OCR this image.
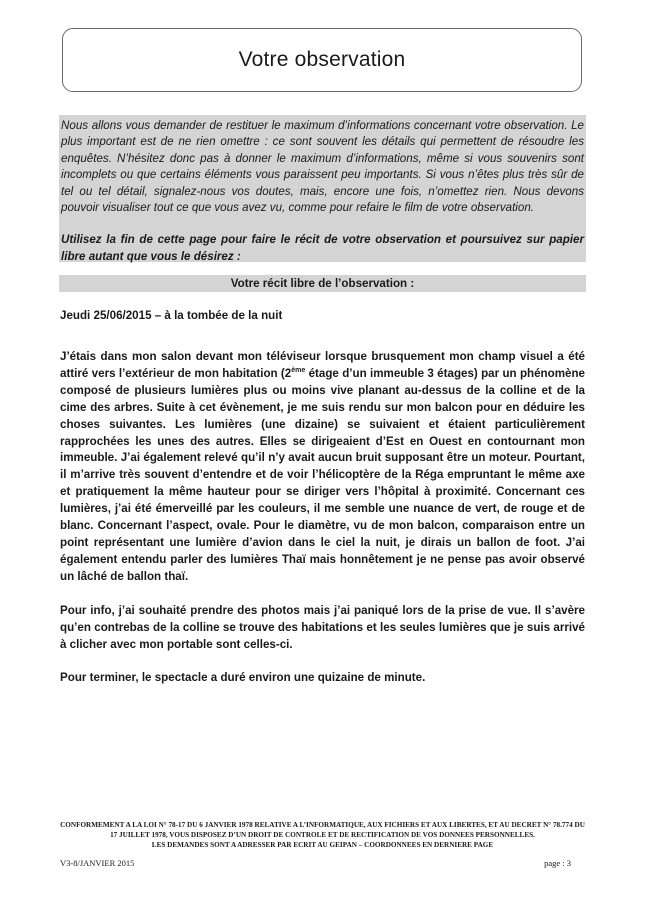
Votre observation

Nous allons vous demander de restituer le maximum d’informations concernant votre observation. Le plus important est de ne rien omettre : ce sont souvent les détails qui permettent de résoudre les enquêtes. N’hésitez donc pas à donner le maximum d’informations, même si vous souvenirs sont incomplets ou que certains éléments vous paraissent peu importants. Si vous n’êtes plus très sûr de tel ou tel détail, signalez-nous vos doutes, mais, encore une fois, n’omettez rien. Nous devons pouvoir visualiser tout ce que vous avez vu, comme pour refaire le film de votre observation.

Utilisez la fin de cette page pour faire le récit de votre observation et poursuivez sur papier libre autant que vous le désirez :

Votre récit libre de l’observation :
Jeudi 25/06/2015 – à la tombée de la nuit

J’étais dans mon salon devant mon téléviseur lorsque brusquement mon champ visuel a été attiré vers l’extérieur de mon habitation (2ème étage d’un immeuble 3 étages) par un phénomène composé de plusieurs lumières plus ou moins vive planant au-dessus de la colline et de la cime des arbres. Suite à cet évènement, je me suis rendu sur mon balcon pour en déduire les choses suivantes. Les lumières (une dizaine) se suivaient et étaient particulièrement rapprochées les unes des autres. Elles se dirigeaient d’Est en Ouest en contournant mon immeuble. J’ai également relevé qu’il n’y avait aucun bruit supposant être un moteur. Pourtant, il m’arrive très souvent d’entendre et de voir l’hélicoptère de la Réga empruntant le même axe et pratiquement la même hauteur pour se diriger vers l’hôpital à proximité. Concernant ces lumières, j’ai été émerveillé par les couleurs, il me semble une nuance de vert, de rouge et de blanc. Concernant l’aspect, ovale. Pour le diamètre, vu de mon balcon, comparaison entre un point représentant une lumière d’avion dans le ciel la nuit, je dirais un ballon de foot. J’ai également entendu parler des lumières Thaï mais honnêtement je ne pense pas avoir observé un lâché de ballon thaï.

Pour info, j’ai souhaité prendre des photos mais j’ai paniqué lors de la prise de vue. Il s’avère qu’en contrebas de la colline se trouve des habitations et les seules lumières que je suis arrivé à clicher avec mon portable sont celles-ci.

Pour terminer, le spectacle a duré environ une quizaine de minute.

CONFORMEMENT A LA LOI N° 78-17 DU 6 JANVIER 1978 RELATIVE A L’INFORMATIQUE, AUX FICHIERS ET AUX LIBERTES, ET AU DECRET N° 78.774 DU
17 JUILLET 1978, VOUS DISPOSEZ D’UN DROIT DE CONTROLE ET DE RECTIFICATION DE VOS DONNEES PERSONNELLES.
LES DEMANDES SONT A ADRESSER PAR ECRIT AU GEIPAN – COORDONNEES EN DERNIERE PAGE
V3-8/JANVIER 2015	page : 3
